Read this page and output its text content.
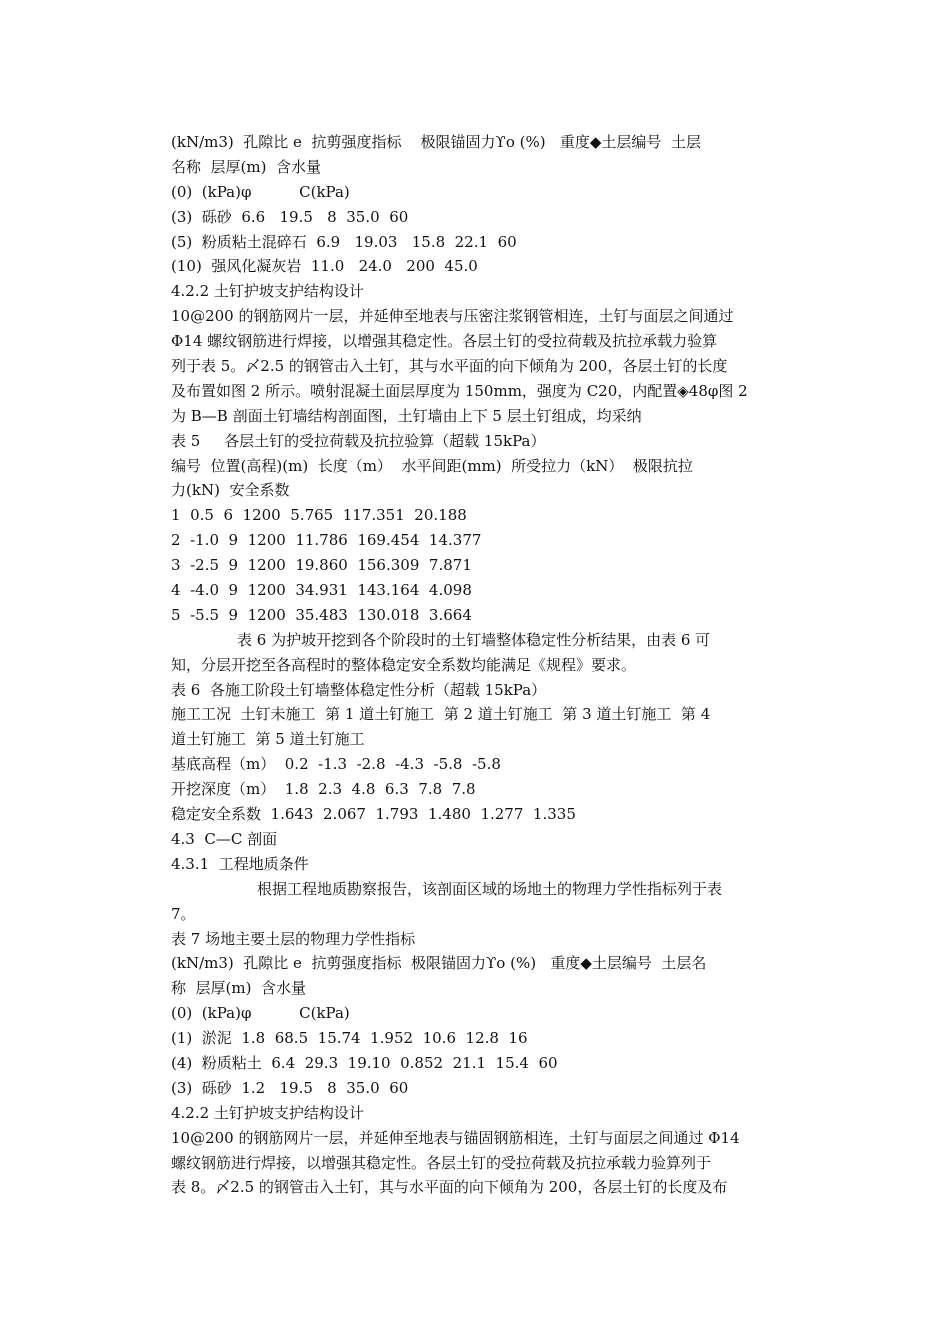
(kN/m3)  孔隙比 e  抗剪强度指标    极限锚固力ϒo (%)   重度◆土层编号  土层
名称  层厚(m)  含水量
(0)  (kPa)φ          C(kPa)
(3)  砾砂  6.6   19.5   8  35.0  60
(5)  粉质粘土混碎石  6.9   19.03   15.8  22.1  60
(10)  强风化凝灰岩  11.0   24.0   200  45.0
4.2.2 土钉护坡支护结构设计
10@200 的钢筋网片一层，并延伸至地表与压密注浆钢管相连，土钉与面层之间通过
Φ14 螺纹钢筋进行焊接，以增强其稳定性。各层土钉的受拉荷载及抗拉承载力验算
列于表 5。〆2.5 的钢管击入土钉，其与水平面的向下倾角为 200，各层土钉的长度
及布置如图 2 所示。喷射混凝土面层厚度为 150mm，强度为 C20，内配置◈48φ图 2
为 B—B 剖面土钉墙结构剖面图，土钉墙由上下 5 层土钉组成，均采纳
表 5     各层土钉的受拉荷载及抗拉验算（超载 15kPa）
编号  位置(高程)(m)  长度（m）  水平间距(mm)  所受拉力（kN）  极限抗拉
力(kN)  安全系数
1  0.5  6  1200  5.765  117.351  20.188
2  -1.0  9  1200  11.786  169.454  14.377
3  -2.5  9  1200  19.860  156.309  7.871
4  -4.0  9  1200  34.931  143.164  4.098
5  -5.5  9  1200  35.483  130.018  3.664
表 6 为护坡开挖到各个阶段时的土钉墙整体稳定性分析结果，由表 6 可
知，分层开挖至各高程时的整体稳定安全系数均能满足《规程》要求。
表 6  各施工阶段土钉墙整体稳定性分析（超载 15kPa）
施工工况  土钉未施工  第 1 道土钉施工  第 2 道土钉施工  第 3 道土钉施工  第 4
道土钉施工  第 5 道土钉施工
基底高程（m）  0.2  -1.3  -2.8  -4.3  -5.8  -5.8
开挖深度（m）  1.8  2.3  4.8  6.3  7.8  7.8
稳定安全系数  1.643  2.067  1.793  1.480  1.277  1.335
4.3  C—C 剖面
4.3.1  工程地质条件
根据工程地质勘察报告，该剖面区域的场地土的物理力学性指标列于表
7。
表 7 场地主要土层的物理力学性指标
(kN/m3)  孔隙比 e  抗剪强度指标  极限锚固力ϒo (%)   重度◆土层编号  土层名
称  层厚(m)  含水量
(0)  (kPa)φ          C(kPa)
(1)  淤泥  1.8  68.5  15.74  1.952  10.6  12.8  16
(4)  粉质粘土  6.4  29.3  19.10  0.852  21.1  15.4  60
(3)  砾砂  1.2   19.5   8  35.0  60
4.2.2 土钉护坡支护结构设计
10@200 的钢筋网片一层，并延伸至地表与锚固钢筋相连，土钉与面层之间通过 Φ14
螺纹钢筋进行焊接，以增强其稳定性。各层土钉的受拉荷载及抗拉承载力验算列于
表 8。〆2.5 的钢管击入土钉，其与水平面的向下倾角为 200，各层土钉的长度及布
